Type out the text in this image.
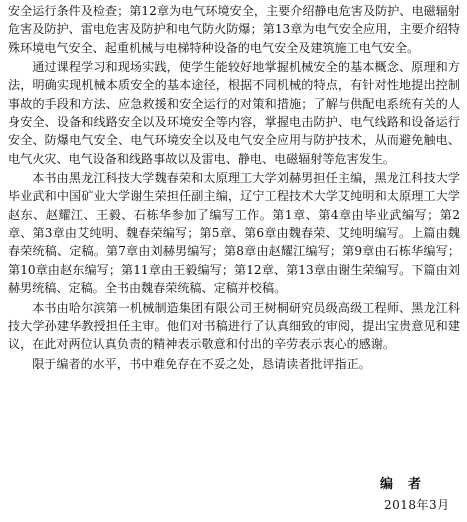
安全运行条件及检查；第12章为电气环境安全，主要介绍静电危害及防护、电磁辐射危害及防护、雷电危害及防护和电气防火防爆；第13章为电气安全应用，主要介绍特殊环境电气安全、起重机械与电梯特种设备的电气安全及建筑施工电气安全。

通过课程学习和现场实践，使学生能较好地掌握机械安全的基本概念、原理和方法，明确实现机械本质安全的基本途径，根据不同机械的特点，有针对性地提出控制事故的手段和方法、应急救援和安全运行的对策和措施；了解与供配电系统有关的人身安全、设备和线路安全以及环境安全等内容，掌握电击防护、电气线路和设备运行安全、防爆电气安全、电气环境安全以及电气安全应用与防护技术，从而避免触电、电气火灾、电气设备和线路事故以及雷电、静电、电磁辐射等危害发生。

本书由黑龙江科技大学魏春荣和太原理工大学刘赫男担任主编，黑龙江科技大学毕业武和中国矿业大学谢生荣担任副主编，辽宁工程技术大学艾纯明和太原理工大学赵东、赵耀江、王毅、石栋华参加了编写工作。第1章、第4章由毕业武编写；第2章、第3章由艾纯明、魏春荣编写；第5章、第6章由魏春荣、艾纯明编写。上篇由魏春荣统稿、定稿。第7章由刘赫男编写；第8章由赵耀江编写；第9章由石栋华编写；第10章由赵东编写；第11章由王毅编写；第12章、第13章由谢生荣编写。下篇由刘赫男统稿、定稿。全书由魏春荣统稿、定稿并校稿。

本书由哈尔滨第一机械制造集团有限公司王树桐研究员级高级工程师、黑龙江科技大学孙建华教授担任主审。他们对书稿进行了认真细致的审阅，提出宝贵意见和建议，在此对两位认真负责的精神表示敬意和付出的辛劳表示衷心的感谢。

限于编者的水平，书中难免存在不妥之处，恳请读者批评指正。

编　者
2018年3月
